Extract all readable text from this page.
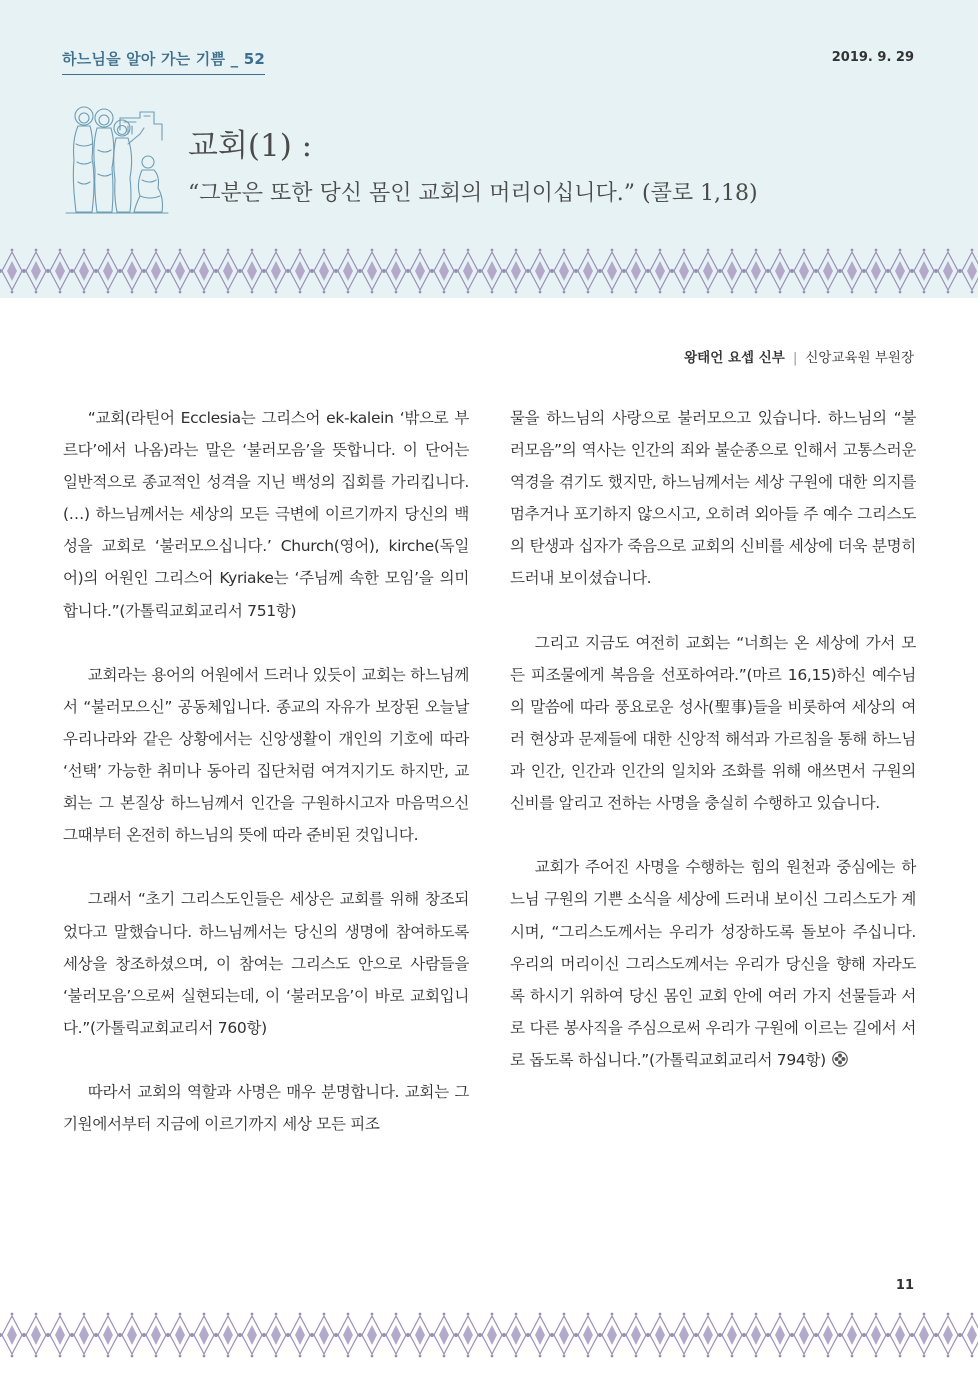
하느님을 알아 가는 기쁨 _ 52	2019. 9. 29
교회(1) :
“그분은 또한 당신 몸인 교회의 머리이십니다.” (콜로 1,18)
왕태언 요셉 신부 | 신앙교육원 부원장

“교회(라틴어 Ecclesia는 그리스어 ek-kalein ‘밖으로 부르다’에서 나옴)라는 말은 ‘불러모음’을 뜻합니다. 이 단어는 일반적으로 종교적인 성격을 지닌 백성의 집회를 가리킵니다. (…) 하느님께서는 세상의 모든 극변에 이르기까지 당신의 백성을 교회로 ‘불러모으십니다.’ Church(영어), kirche(독일어)의 어원인 그리스어 Kyriake는 ‘주님께 속한 모임’을 의미합니다.”(가톨릭교회교리서 751항)

교회라는 용어의 어원에서 드러나 있듯이 교회는 하느님께서 “불러모으신” 공동체입니다. 종교의 자유가 보장된 오늘날 우리나라와 같은 상황에서는 신앙생활이 개인의 기호에 따라 ‘선택’ 가능한 취미나 동아리 집단처럼 여겨지기도 하지만, 교회는 그 본질상 하느님께서 인간을 구원하시고자 마음먹으신 그때부터 온전히 하느님의 뜻에 따라 준비된 것입니다.

그래서 “초기 그리스도인들은 세상은 교회를 위해 창조되었다고 말했습니다. 하느님께서는 당신의 생명에 참여하도록 세상을 창조하셨으며, 이 참여는 그리스도 안으로 사람들을 ‘불러모음’으로써 실현되는데, 이 ‘불러모음’이 바로 교회입니다.”(가톨릭교회교리서 760항)

따라서 교회의 역할과 사명은 매우 분명합니다. 교회는 그 기원에서부터 지금에 이르기까지 세상 모든 피조

물을 하느님의 사랑으로 불러모으고 있습니다. 하느님의 “불러모음”의 역사는 인간의 죄와 불순종으로 인해서 고통스러운 역경을 겪기도 했지만, 하느님께서는 세상 구원에 대한 의지를 멈추거나 포기하지 않으시고, 오히려 외아들 주 예수 그리스도의 탄생과 십자가 죽음으로 교회의 신비를 세상에 더욱 분명히 드러내 보이셨습니다.

그리고 지금도 여전히 교회는 “너희는 온 세상에 가서 모든 피조물에게 복음을 선포하여라.”(마르 16,15)하신 예수님의 말씀에 따라 풍요로운 성사(聖事)들을 비롯하여 세상의 여러 현상과 문제들에 대한 신앙적 해석과 가르침을 통해 하느님과 인간, 인간과 인간의 일치와 조화를 위해 애쓰면서 구원의 신비를 알리고 전하는 사명을 충실히 수행하고 있습니다.

교회가 주어진 사명을 수행하는 힘의 원천과 중심에는 하느님 구원의 기쁜 소식을 세상에 드러내 보이신 그리스도가 계시며, “그리스도께서는 우리가 성장하도록 돌보아 주십니다. 우리의 머리이신 그리스도께서는 우리가 당신을 향해 자라도록 하시기 위하여 당신 몸인 교회 안에 여러 가지 선물들과 서로 다른 봉사직을 주심으로써 우리가 구원에 이르는 길에서 서로 돕도록 하십니다.”(가톨릭교회교리서 794항)

11
